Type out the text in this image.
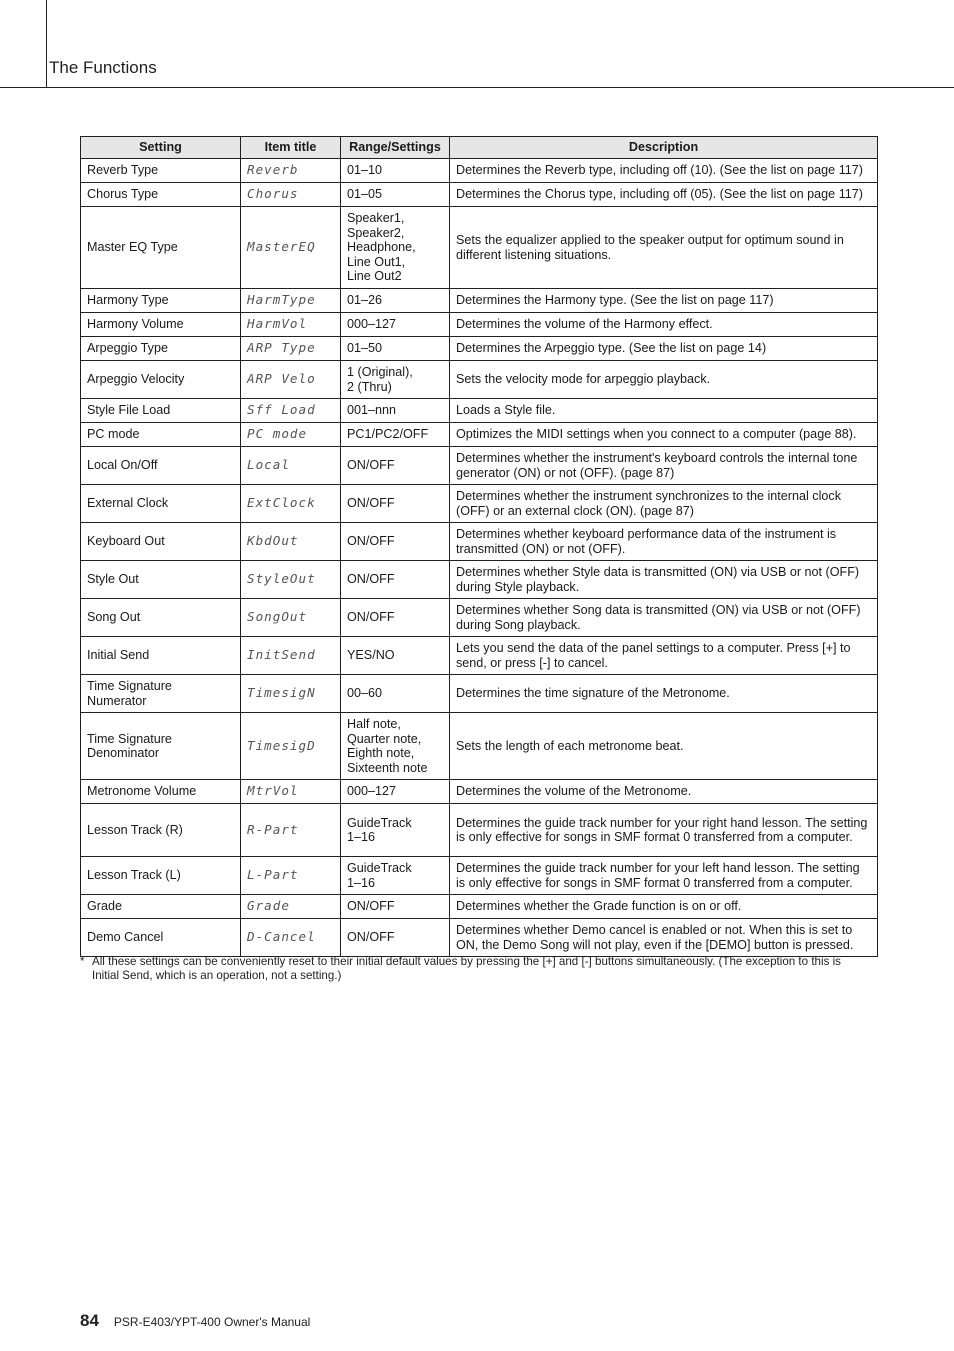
The Functions
Setting	Item title	Range/Settings	Description
Reverb Type	Reverb	01–10	Determines the Reverb type, including off (10). (See the list on page 117)
Chorus Type	Chorus	01–05	Determines the Chorus type, including off (05). (See the list on page 117)
Master EQ Type	MasterEQ	Speaker1,
Speaker2,
Headphone,
Line Out1,
Line Out2	Sets the equalizer applied to the speaker output for optimum sound in different listening situations.
Harmony Type	HarmType	01–26	Determines the Harmony type. (See the list on page 117)
Harmony Volume	HarmVol	000–127	Determines the volume of the Harmony effect.
Arpeggio Type	ARP Type	01–50	Determines the Arpeggio type. (See the list on page 14)
Arpeggio Velocity	ARP Velo	1 (Original),
2 (Thru)	Sets the velocity mode for arpeggio playback.
Style File Load	Sff Load	001–nnn	Loads a Style file.
PC mode	PC mode	PC1/PC2/OFF	Optimizes the MIDI settings when you connect to a computer (page 88).
Local On/Off	Local	ON/OFF	Determines whether the instrument's keyboard controls the internal tone generator (ON) or not (OFF). (page 87)
External Clock	ExtClock	ON/OFF	Determines whether the instrument synchronizes to the internal clock (OFF) or an external clock (ON). (page 87)
Keyboard Out	KbdOut	ON/OFF	Determines whether keyboard performance data of the instrument is transmitted (ON) or not (OFF).
Style Out	StyleOut	ON/OFF	Determines whether Style data is transmitted (ON) via USB or not (OFF) during Style playback.
Song Out	SongOut	ON/OFF	Determines whether Song data is transmitted (ON) via USB or not (OFF) during Song playback.
Initial Send	InitSend	YES/NO	Lets you send the data of the panel settings to a computer. Press [+] to send, or press [-] to cancel.
Time Signature
Numerator	TimesigN	00–60	Determines the time signature of the Metronome.
Time Signature
Denominator	TimesigD	Half note,
Quarter note,
Eighth note,
Sixteenth note	Sets the length of each metronome beat.
Metronome Volume	MtrVol	000–127	Determines the volume of the Metronome.
Lesson Track (R)	R-Part	GuideTrack
1–16	Determines the guide track number for your right hand lesson. The setting is only effective for songs in SMF format 0 transferred from a computer.
Lesson Track (L)	L-Part	GuideTrack
1–16	Determines the guide track number for your left hand lesson. The setting is only effective for songs in SMF format 0 transferred from a computer.
Grade	Grade	ON/OFF	Determines whether the Grade function is on or off.
Demo Cancel	D-Cancel	ON/OFF	Determines whether Demo cancel is enabled or not. When this is set to ON, the Demo Song will not play, even if the [DEMO] button is pressed.
* All these settings can be conveniently reset to their initial default values by pressing the [+] and [-] buttons simultaneously. (The exception to this is Initial Send, which is an operation, not a setting.)
84 PSR-E403/YPT-400 Owner's Manual
